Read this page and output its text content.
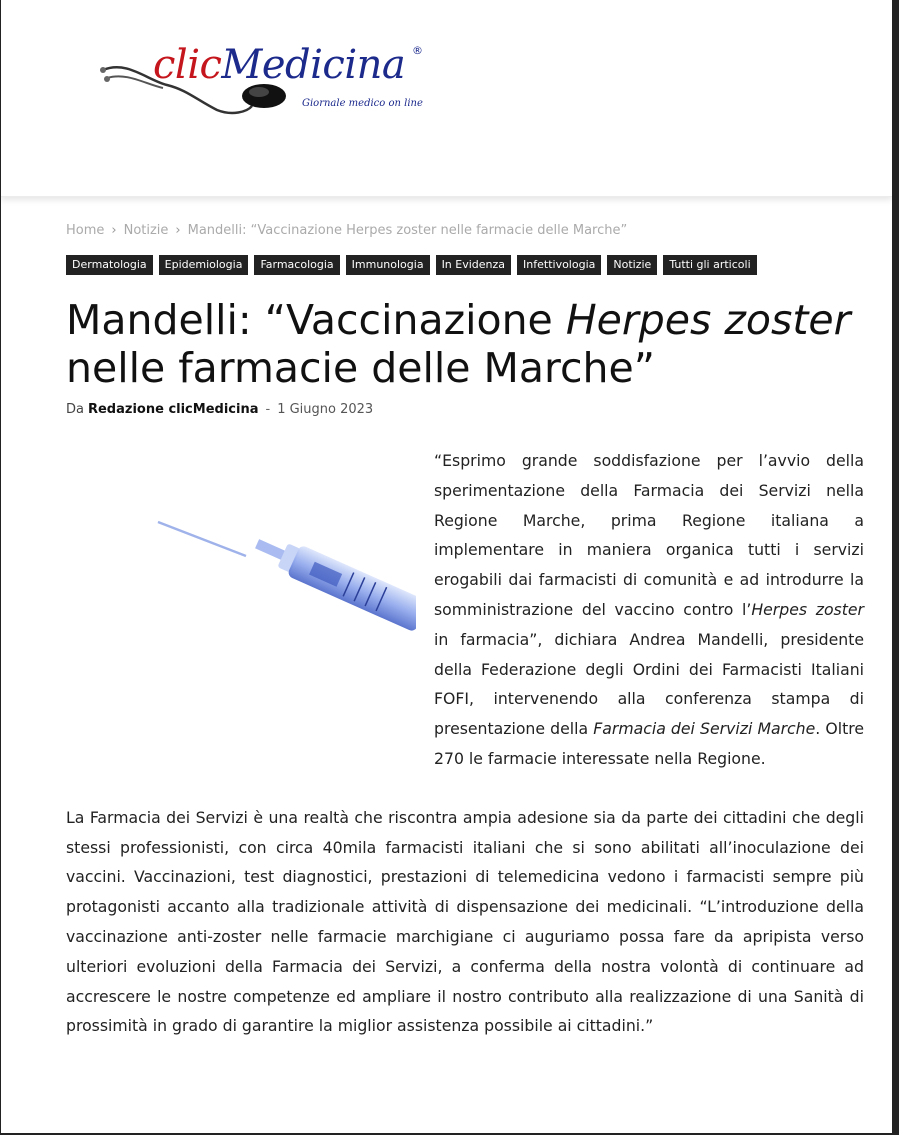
clicMedicina ®
Giornale medico on line
Home › Notizie › Mandelli: “Vaccinazione Herpes zoster nelle farmacie delle Marche”
Dermatologia	Epidemiologia	Farmacologia	Immunologia	In Evidenza	Infettivologia	Notizie	Tutti gli articoli
Mandelli: “Vaccinazione Herpes zoster nelle farmacie delle Marche”
Da Redazione clicMedicina - 1 Giugno 2023

“Esprimo grande soddisfazione per l’avvio della sperimentazione della Farmacia dei Servizi nella Regione Marche, prima Regione italiana a implementare in maniera organica tutti i servizi erogabili dai farmacisti di comunità e ad introdurre la somministrazione del vaccino contro l’Herpes zoster in farmacia”, dichiara Andrea Mandelli, presidente della Federazione degli Ordini dei Farmacisti Italiani FOFI, intervenendo alla conferenza stampa di presentazione della Farmacia dei Servizi Marche. Oltre 270 le farmacie interessate nella Regione.

La Farmacia dei Servizi è una realtà che riscontra ampia adesione sia da parte dei cittadini che degli stessi professionisti, con circa 40mila farmacisti italiani che si sono abilitati all’inoculazione dei vaccini. Vaccinazioni, test diagnostici, prestazioni di telemedicina vedono i farmacisti sempre più protagonisti accanto alla tradizionale attività di dispensazione dei medicinali. “L’introduzione della vaccinazione anti-zoster nelle farmacie marchigiane ci auguriamo possa fare da apripista verso ulteriori evoluzioni della Farmacia dei Servizi, a conferma della nostra volontà di continuare ad accrescere le nostre competenze ed ampliare il nostro contributo alla realizzazione di una Sanità di prossimità in grado di garantire la miglior assistenza possibile ai cittadini.”
